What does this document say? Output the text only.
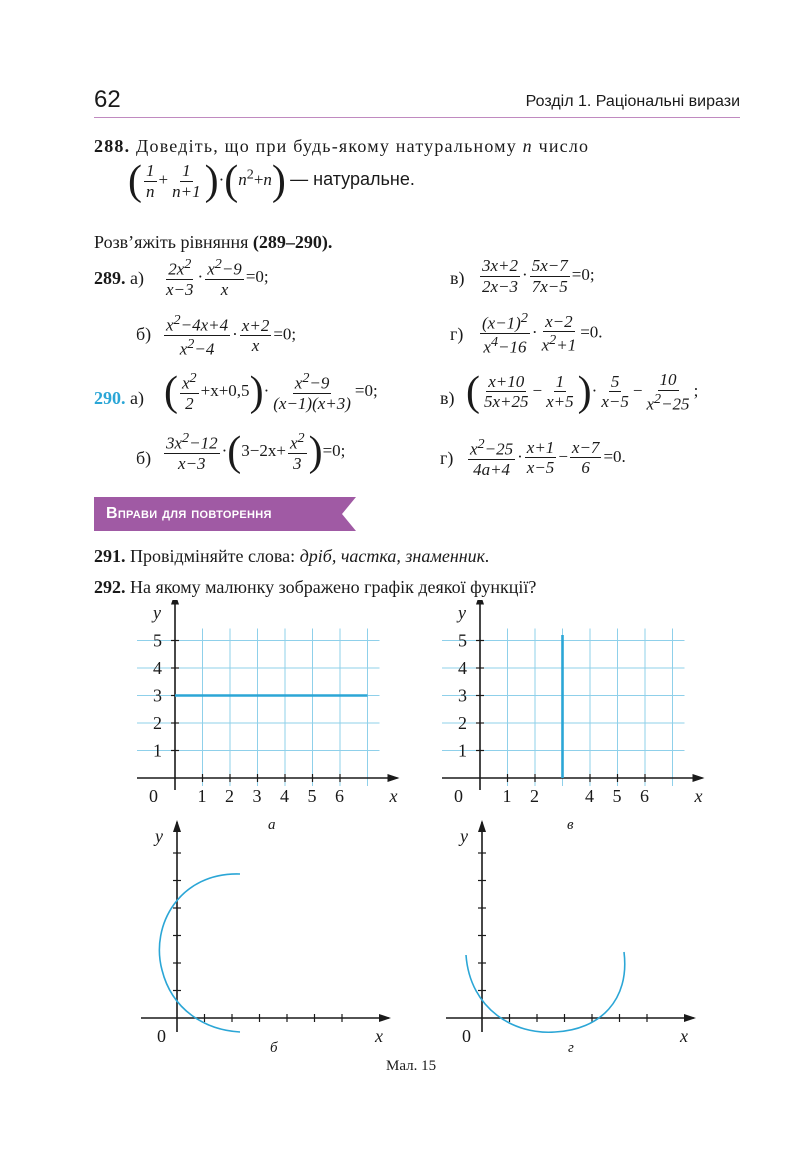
62	Розділ 1. Раціональні вирази
288. Доведіть, що при будь-якому натуральному n число
( $\frac{1}{n} + \frac{1}{n+1} )\cdot(n^2+n)$ — натуральне.
Розв’яжіть рівняння (289–290).
289. $а) \frac{2x^2}{x-3} \cdot \frac{x^2-9}{x} =0$;	$в) \frac{3x+2}{2x-3} \cdot \frac{5x-7}{7x-5} =0$;
$б) \frac{x^2-4x+4}{x^2-4} \cdot \frac{x+2}{x} =0$;	$г) \frac{(x-1)^2}{x^4-16} \cdot \frac{x-2}{x^2+1} =0$.
290. а) ( $\frac{x^2}{2} +x+0,5)\cdot \frac{x^2-9}{(x-1)(x+3)} =0$;	в) ( $\frac{x+10}{5x+25} - \frac{1}{x+5}$ )· $\frac{5}{x-5} - \frac{10}{x^2-25}$ ;
$б) \frac{3x^2-12}{x-3} \cdot(3-2x+ \frac{x^2}{3} )=0$;	$г) \frac{x^2-25}{4a+4} \cdot \frac{x+1}{x-5} - \frac{x-7}{6} =0$.
Вправи для повторення
291. Провідміняйте слова: дріб, частка, знаменник.
292. На якому малюнку зображено графік деякої функції?
y
x
0
1
2
3
4
5
1 2 3 4 5 6
y
x
0
1
2
3
4
5
1 2	4 5 6
y
x
0
y
x
0
а	в
б	г
Мал. 15
